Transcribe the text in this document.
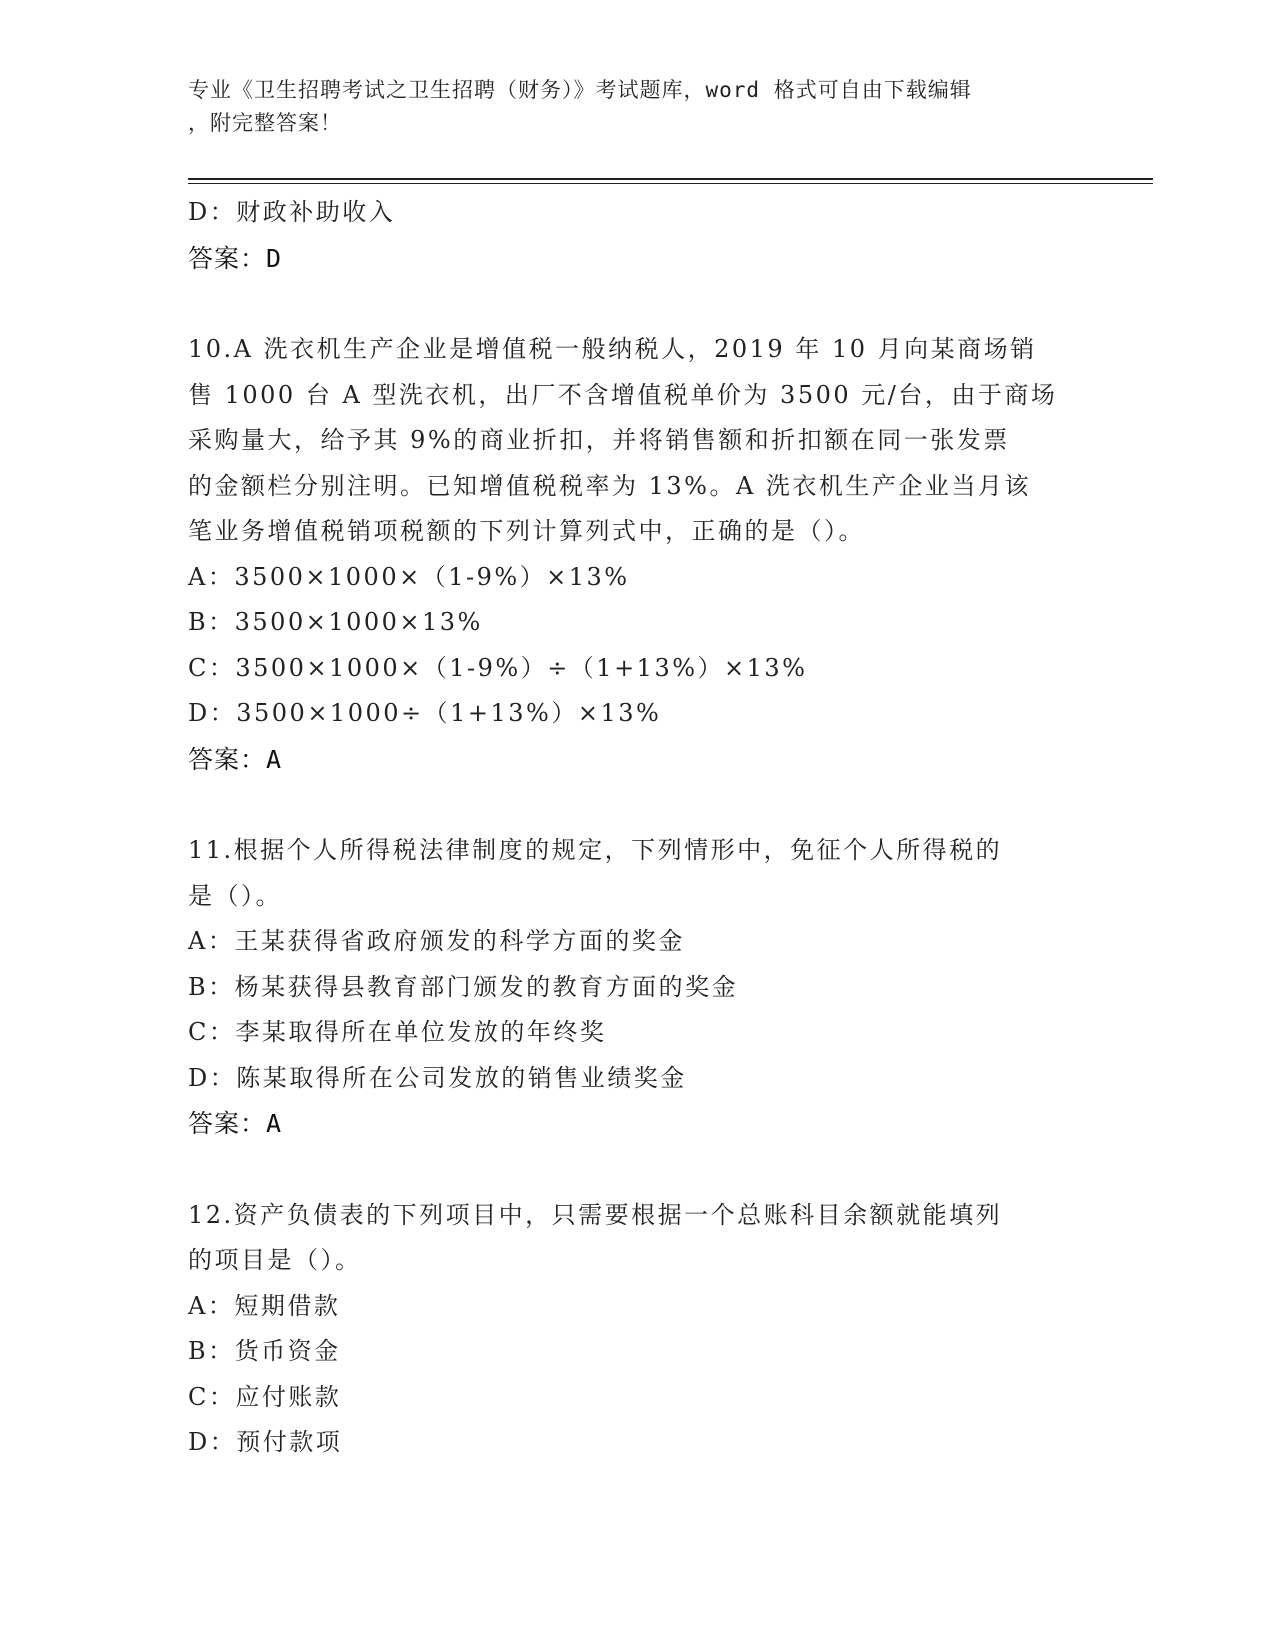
专业《卫生招聘考试之卫生招聘（财务）》考试题库，word 格式可自由下载编辑
，附完整答案！
D：财政补助收入
答案：D
10.A 洗衣机生产企业是增值税一般纳税人，2019 年 10 月向某商场销
售 1000 台 A 型洗衣机，出厂不含增值税单价为 3500 元/台，由于商场
采购量大，给予其 9%的商业折扣，并将销售额和折扣额在同一张发票
的金额栏分别注明。已知增值税税率为 13%。A 洗衣机生产企业当月该
笔业务增值税销项税额的下列计算列式中，正确的是（）。
A：3500×1000×（1-9%）×13%
B：3500×1000×13%
C：3500×1000×（1-9%）÷（1+13%）×13%
D：3500×1000÷（1+13%）×13%
答案：A
11.根据个人所得税法律制度的规定，下列情形中，免征个人所得税的
是（）。
A：王某获得省政府颁发的科学方面的奖金
B：杨某获得县教育部门颁发的教育方面的奖金
C：李某取得所在单位发放的年终奖
D：陈某取得所在公司发放的销售业绩奖金
答案：A
12.资产负债表的下列项目中，只需要根据一个总账科目余额就能填列
的项目是（）。
A：短期借款
B：货币资金
C：应付账款
D：预付款项
